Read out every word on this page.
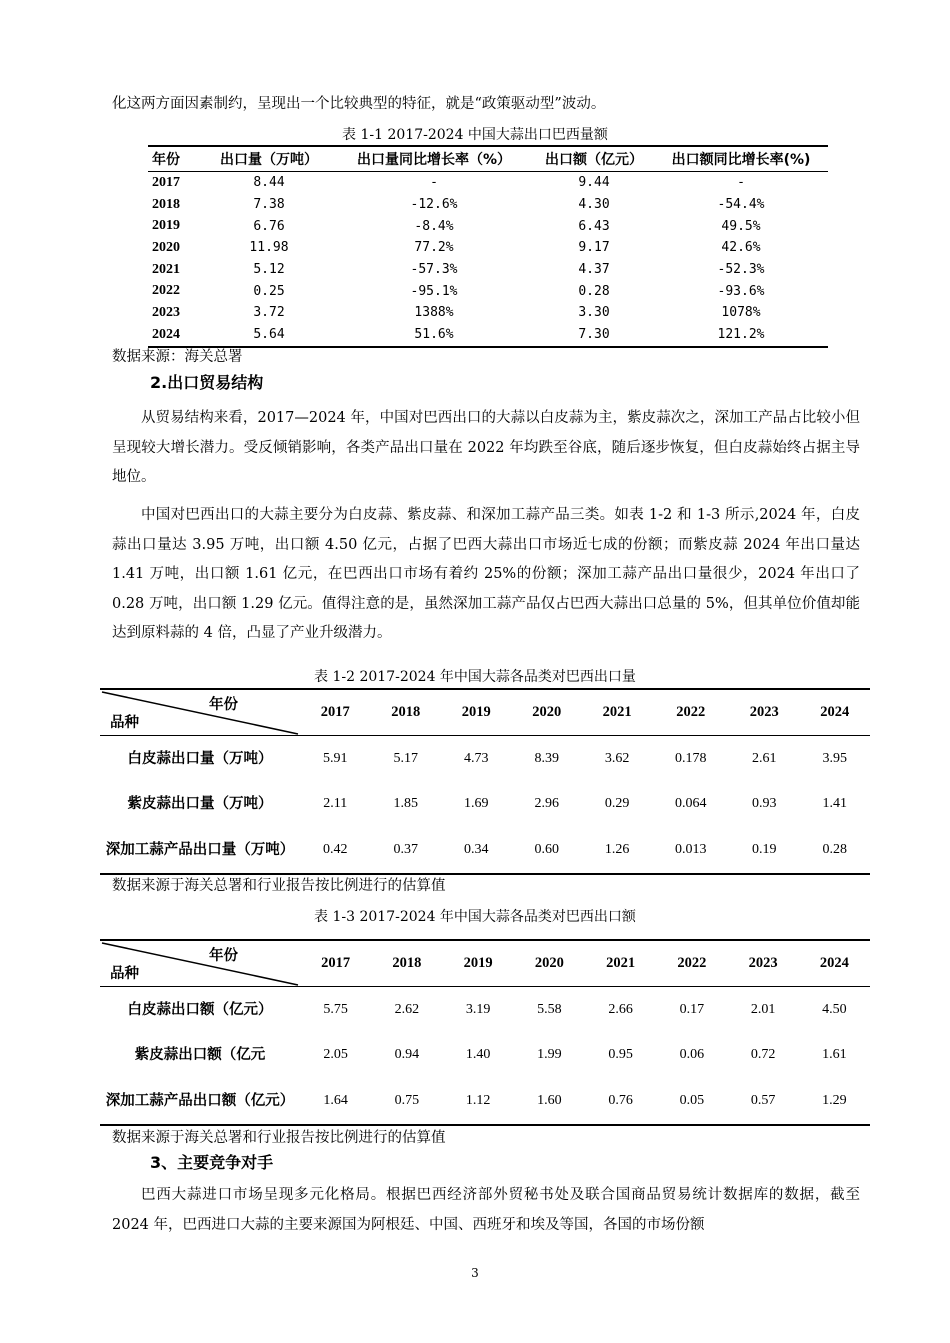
化这两方面因素制约，呈现出一个比较典型的特征，就是“政策驱动型”波动。
表 1-1 2017-2024 中国大蒜出口巴西量额
年份	出口量（万吨）	出口量同比增长率（%）	出口额（亿元）	出口额同比增长率(%)
2017	8.44	-	9.44	-
2018	7.38	-12.6%	4.30	-54.4%
2019	6.76	-8.4%	6.43	49.5%
2020	11.98	77.2%	9.17	42.6%
2021	5.12	-57.3%	4.37	-52.3%
2022	0.25	-95.1%	0.28	-93.6%
2023	3.72	1388%	3.30	1078%
2024	5.64	51.6%	7.30	121.2%
数据来源：海关总署
2.出口贸易结构

从贸易结构来看，2017—2024 年，中国对巴西出口的大蒜以白皮蒜为主，紫皮蒜次之，深加工产品占比较小但呈现较大增长潜力。受反倾销影响，各类产品出口量在 2022 年均跌至谷底，随后逐步恢复，但白皮蒜始终占据主导地位。

中国对巴西出口的大蒜主要分为白皮蒜、紫皮蒜、和深加工蒜产品三类。如表 1-2 和 1-3 所示,2024 年，白皮蒜出口量达 3.95 万吨，出口额 4.50 亿元，占据了巴西大蒜出口市场近七成的份额；而紫皮蒜 2024 年出口量达 1.41 万吨，出口额 1.61 亿元，在巴西出口市场有着约 25%的份额；深加工蒜产品出口量很少，2024 年出口了 0.28 万吨，出口额 1.29 亿元。值得注意的是，虽然深加工蒜产品仅占巴西大蒜出口总量的 5%，但其单位价值却能达到原料蒜的 4 倍，凸显了产业升级潜力。

表 1-2 2017-2024 年中国大蒜各品类对巴西出口量
年份
品种	2017	2018	2019	2020	2021	2022	2023	2024
白皮蒜出口量（万吨）	5.91	5.17	4.73	8.39	3.62	0.178	2.61	3.95
紫皮蒜出口量（万吨）	2.11	1.85	1.69	2.96	0.29	0.064	0.93	1.41
深加工蒜产品出口量（万吨）	0.42	0.37	0.34	0.60	1.26	0.013	0.19	0.28
数据来源于海关总署和行业报告按比例进行的估算值
表 1-3 2017-2024 年中国大蒜各品类对巴西出口额
年份
品种	2017	2018	2019	2020	2021	2022	2023	2024
白皮蒜出口额（亿元）	5.75	2.62	3.19	5.58	2.66	0.17	2.01	4.50
紫皮蒜出口额（亿元	2.05	0.94	1.40	1.99	0.95	0.06	0.72	1.61
深加工蒜产品出口额（亿元）	1.64	0.75	1.12	1.60	0.76	0.05	0.57	1.29
数据来源于海关总署和行业报告按比例进行的估算值
3、主要竞争对手

巴西大蒜进口市场呈现多元化格局。根据巴西经济部外贸秘书处及联合国商品贸易统计数据库的数据，截至 2024 年，巴西进口大蒜的主要来源国为阿根廷、中国、西班牙和埃及等国，各国的市场份额

3
